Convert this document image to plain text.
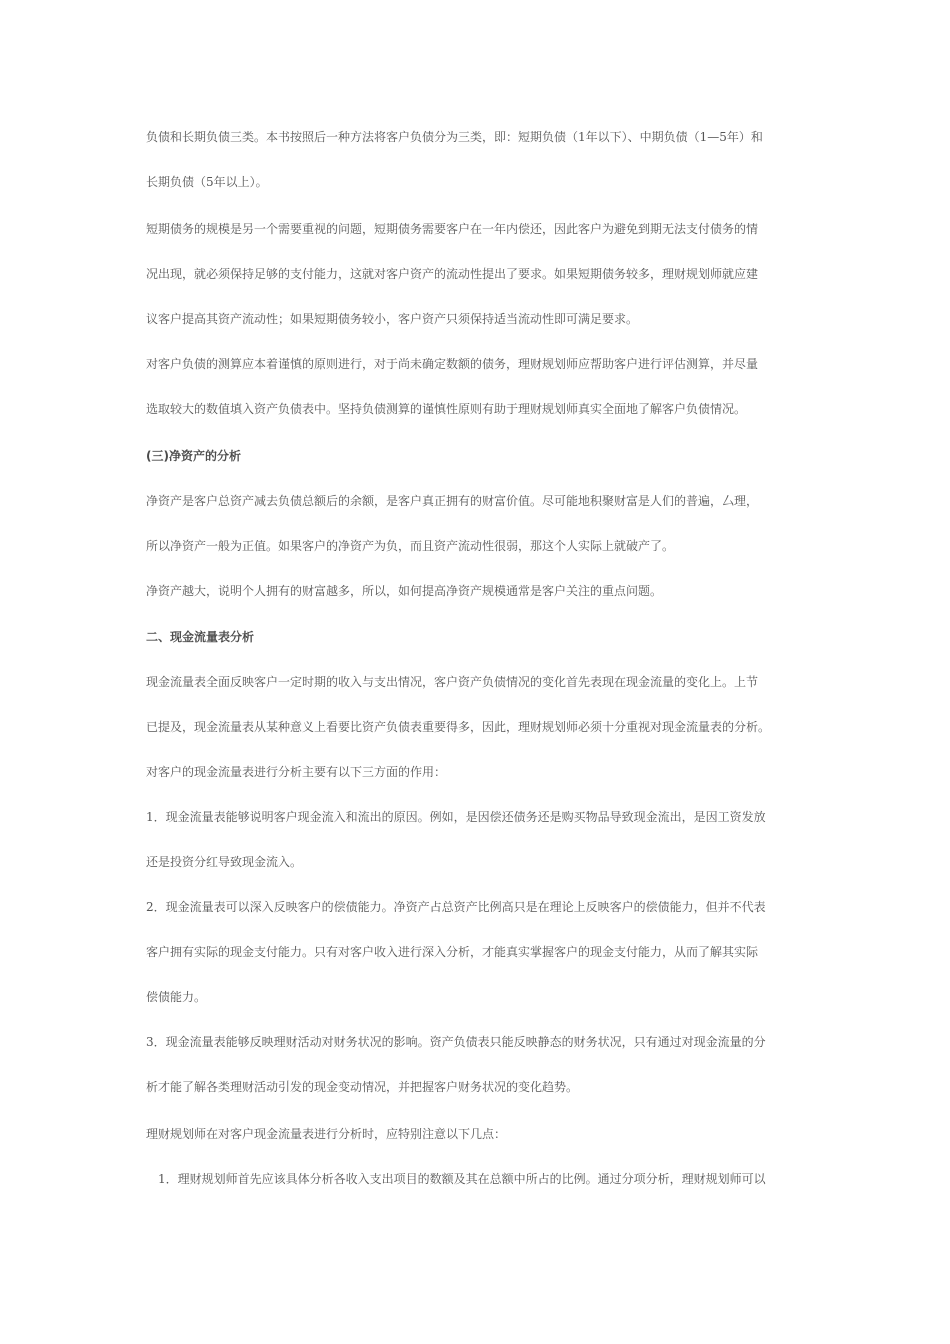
负债和长期负债三类。本书按照后一种方法将客户负债分为三类，即：短期负债（1年以下）、中期负债（1—5年）和
长期负债（5年以上）。
短期债务的规模是另一个需要重视的问题，短期债务需要客户在一年内偿还，因此客户为避免到期无法支付债务的情
况出现，就必须保持足够的支付能力，这就对客户资产的流动性提出了要求。如果短期债务较多，理财规划师就应建
议客户提高其资产流动性；如果短期债务较小，客户资产只须保持适当流动性即可满足要求。
对客户负债的测算应本着谨慎的原则进行，对于尚未确定数额的债务，理财规划师应帮助客户进行评估测算，并尽量
选取较大的数值填入资产负债表中。坚持负债测算的谨慎性原则有助于理财规划师真实全面地了解客户负债情况。
(三)净资产的分析
净资产是客户总资产减去负债总额后的余额，是客户真正拥有的财富价值。尽可能地积聚财富是人们的普遍，厶理，
所以净资产一般为正值。如果客户的净资产为负，而且资产流动性很弱，那这个人实际上就破产了。
净资产越大，说明个人拥有的财富越多，所以，如何提高净资产规模通常是客户关注的重点问题。
二、现金流量表分析
现金流量表全面反映客户一定时期的收入与支出情况，客户资产负债情况的变化首先表现在现金流量的变化上。上节
已提及，现金流量表从某种意义上看要比资产负债表重要得多，因此，理财规划师必须十分重视对现金流量表的分析。
对客户的现金流量表进行分析主要有以下三方面的作用：
1．现金流量表能够说明客户现金流入和流出的原因。例如，是因偿还债务还是购买物品导致现金流出，是因工资发放
还是投资分红导致现金流入。
2．现金流量表可以深入反映客户的偿债能力。净资产占总资产比例高只是在理论上反映客户的偿债能力，但并不代表
客户拥有实际的现金支付能力。只有对客户收入进行深入分析，才能真实掌握客户的现金支付能力，从而了解其实际
偿债能力。
3．现金流量表能够反映理财活动对财务状况的影响。资产负债表只能反映静态的财务状况，只有通过对现金流量的分
析才能了解各类理财活动引发的现金变动情况，并把握客户财务状况的变化趋势。
理财规划师在对客户现金流量表进行分析时，应特别注意以下几点：
1．理财规划师首先应该具体分析各收入支出项目的数额及其在总额中所占的比例。通过分项分析，理财规划师可以
